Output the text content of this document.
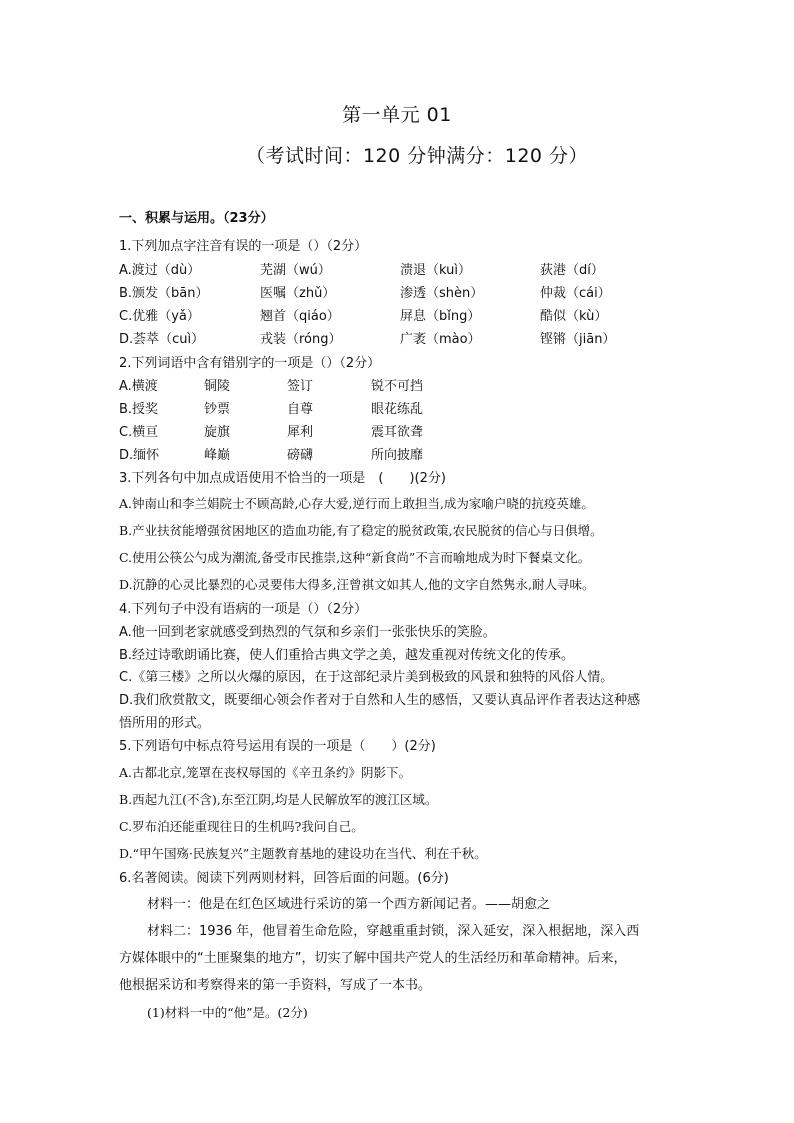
第一单元 01
（考试时间：120 分钟满分：120 分）
一、积累与运用。（23分）
1.下列加点字注音有误的一项是（）（2分）
A.渡过（dù）	芜湖（wú）	溃退（kuì）	荻港（dí）
B.颁发（bān）	医嘱（zhǔ）	渗透（shèn）	仲裁（cái）
C.优雅（yǎ）	翘首（qiáo）	屏息（bǐng）	酷似（kù）
D.荟萃（cuì）	戎装（róng）	广袤（mào）	铿锵（jiān）
2.下列词语中含有错别字的一项是（）（2分）
A.横渡	铜陵	签订	锐不可挡
B.授奖	钞票	自尊	眼花练乱
C.横亘	旋旗	犀利	震耳欲聋
D.缅怀	峰巅	磅礴	所向披靡
3.下列各句中加点成语使用不恰当的一项是　(　　)(2分)
A.钟南山和李兰娟院士不顾高龄,心存大爱,逆行而上敢担当,成为家喻户晓的抗疫英雄。
B.产业扶贫能增强贫困地区的造血功能,有了稳定的脱贫政策,农民脱贫的信心与日俱增。
C.使用公筷公勺成为潮流,备受市民推崇,这种“新食尚”不言而喻地成为时下餐桌文化。
D.沉静的心灵比暴烈的心灵要伟大得多,汪曾祺文如其人,他的文字自然隽永,耐人寻味。
4.下列句子中没有语病的一项是（）（2分）
A.他一回到老家就感受到热烈的气氛和乡亲们一张张快乐的笑脸。
B.经过诗歌朗诵比赛，使人们重拾古典文学之美，越发重视对传统文化的传承。
C.《第三楼》之所以火爆的原因，在于这部纪录片美到极致的风景和独特的风俗人情。
D.我们欣赏散文，既要细心领会作者对于自然和人生的感悟，又要认真品评作者表达这种感
悟所用的形式。
5.下列语句中标点符号运用有误的一项是（　　）(2分)
A.古都北京,笼罩在丧权辱国的《辛丑条约》阴影下。
B.西起九江(不含),东至江阴,均是人民解放军的渡江区域。
C.罗布泊还能重现往日的生机吗?我问自己。
D.“甲午国殇·民族复兴”主题教育基地的建设功在当代、利在千秋。
6.名著阅读。阅读下列两则材料，回答后面的问题。(6分)
材料一：他是在红色区域进行采访的第一个西方新闻记者。——胡愈之
材料二：1936 年，他冒着生命危险，穿越重重封锁，深入延安，深入根据地，深入西
方媒体眼中的“土匪聚集的地方”，切实了解中国共产党人的生活经历和革命精神。后来，
他根据采访和考察得来的第一手资料，写成了一本书。
(1)材料一中的“他”是。(2分)
